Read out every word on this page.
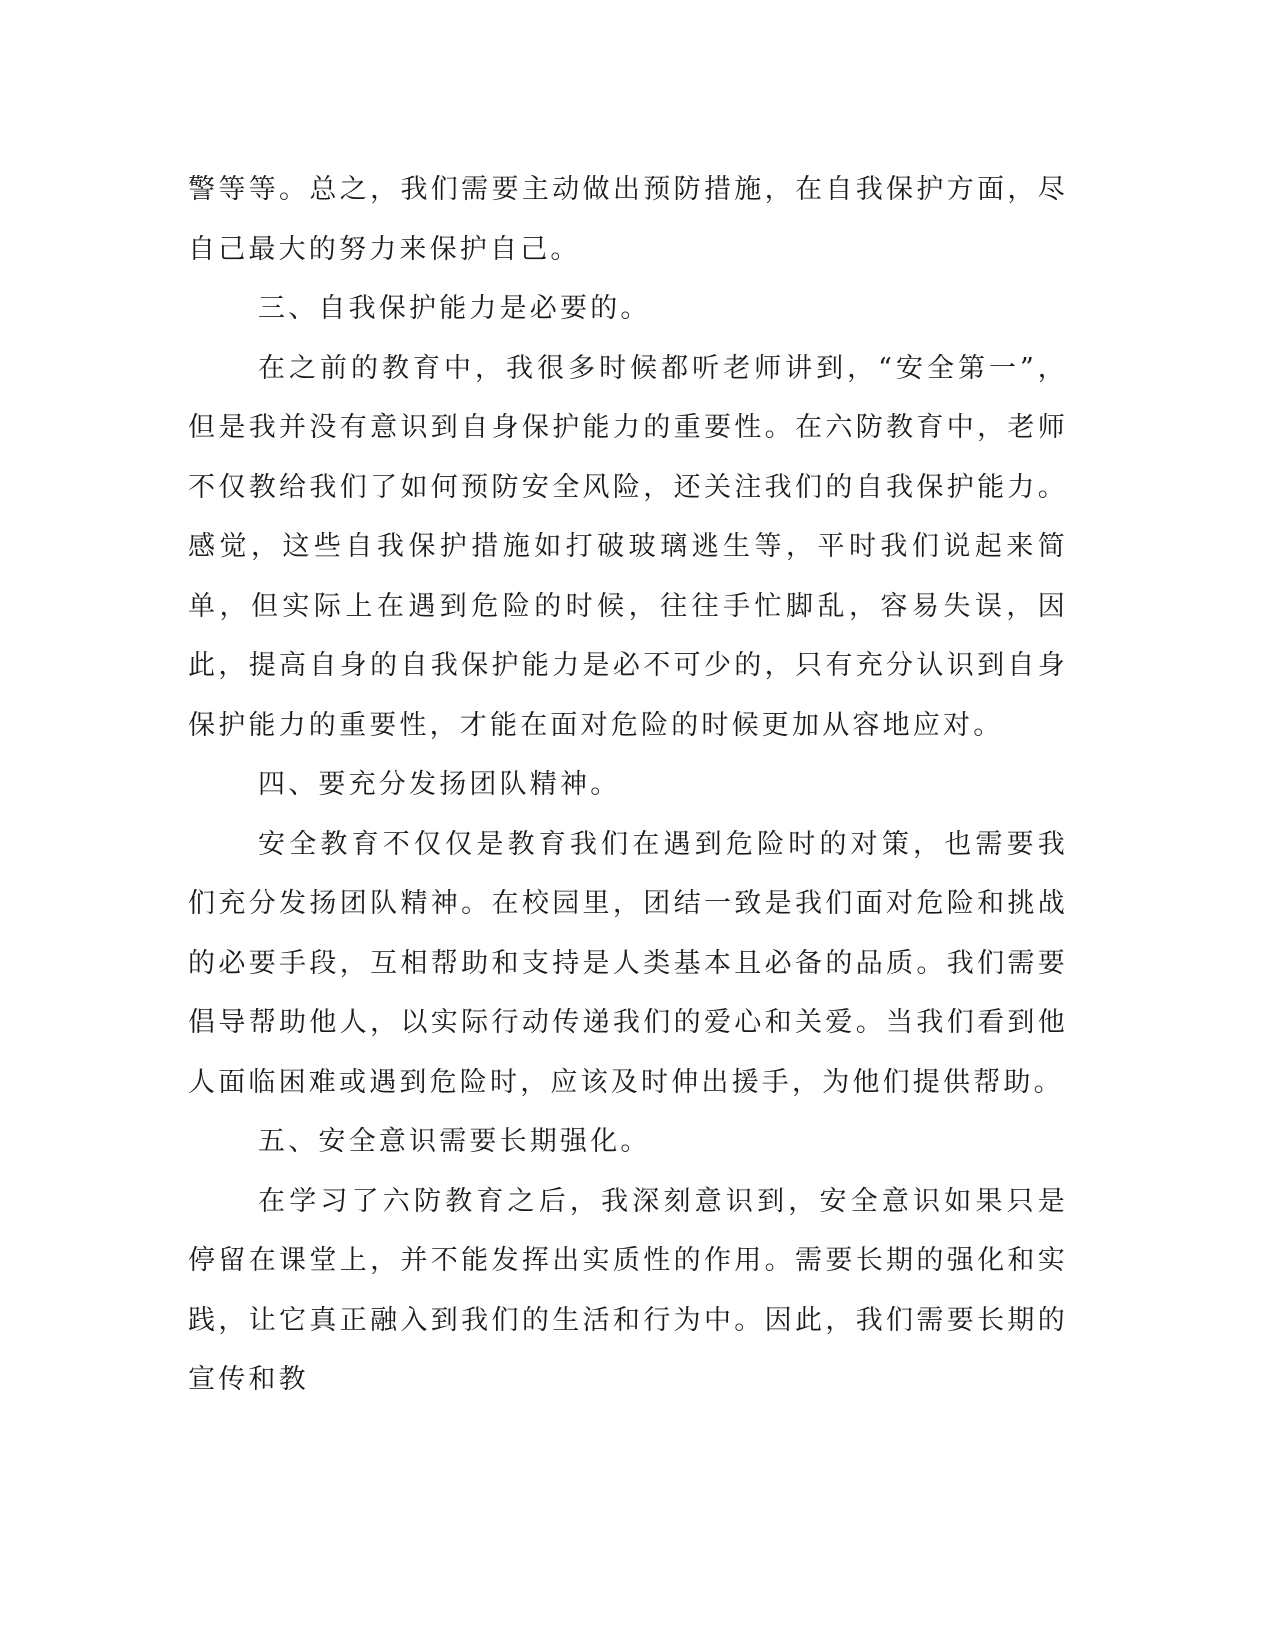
警等等。总之，我们需要主动做出预防措施，在自我保护方面，尽自己最大的努力来保护自己。

三、自我保护能力是必要的。

在之前的教育中，我很多时候都听老师讲到，“安全第一”，但是我并没有意识到自身保护能力的重要性。在六防教育中，老师不仅教给我们了如何预防安全风险，还关注我们的自我保护能力。感觉，这些自我保护措施如打破玻璃逃生等，平时我们说起来简单，但实际上在遇到危险的时候，往往手忙脚乱，容易失误，因此，提高自身的自我保护能力是必不可少的，只有充分认识到自身保护能力的重要性，才能在面对危险的时候更加从容地应对。

四、要充分发扬团队精神。

安全教育不仅仅是教育我们在遇到危险时的对策，也需要我们充分发扬团队精神。在校园里，团结一致是我们面对危险和挑战的必要手段，互相帮助和支持是人类基本且必备的品质。我们需要倡导帮助他人，以实际行动传递我们的爱心和关爱。当我们看到他人面临困难或遇到危险时，应该及时伸出援手，为他们提供帮助。

五、安全意识需要长期强化。

在学习了六防教育之后，我深刻意识到，安全意识如果只是停留在课堂上，并不能发挥出实质性的作用。需要长期的强化和实践，让它真正融入到我们的生活和行为中。因此，我们需要长期的宣传和教
